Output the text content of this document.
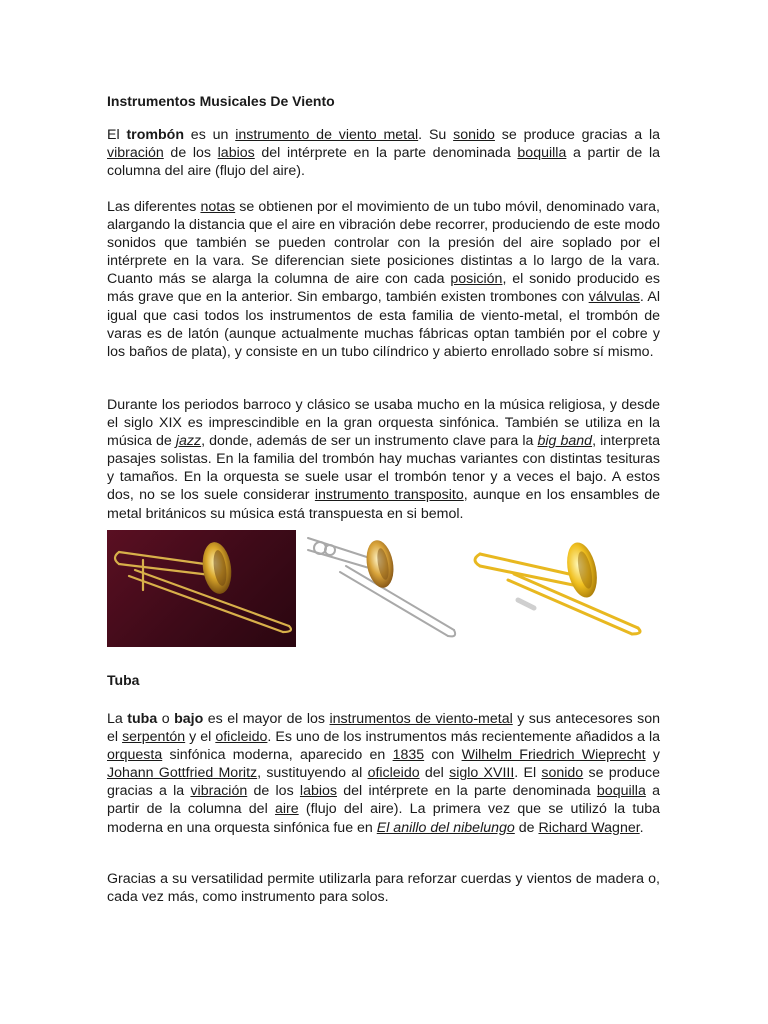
Instrumentos Musicales De Viento

El trombón es un instrumento de viento metal. Su sonido se produce gracias a la vibración de los labios del intérprete en la parte denominada boquilla a partir de la columna del aire (flujo del aire).

Las diferentes notas se obtienen por el movimiento de un tubo móvil, denominado vara, alargando la distancia que el aire en vibración debe recorrer, produciendo de este modo sonidos que también se pueden controlar con la presión del aire soplado por el intérprete en la vara. Se diferencian siete posiciones distintas a lo largo de la vara. Cuanto más se alarga la columna de aire con cada posición, el sonido producido es más grave que en la anterior. Sin embargo, también existen trombones con válvulas. Al igual que casi todos los instrumentos de esta familia de viento-metal, el trombón de varas es de latón (aunque actualmente muchas fábricas optan también por el cobre y los baños de plata), y consiste en un tubo cilíndrico y abierto enrollado sobre sí mismo.

Durante los periodos barroco y clásico se usaba mucho en la música religiosa, y desde el siglo XIX es imprescindible en la gran orquesta sinfónica. También se utiliza en la música de jazz, donde, además de ser un instrumento clave para la big band, interpreta pasajes solistas. En la familia del trombón hay muchas variantes con distintas tesituras y tamaños. En la orquesta se suele usar el trombón tenor y a veces el bajo. A estos dos, no se los suele considerar instrumento transposito, aunque en los ensambles de metal británicos su música está transpuesta en si bemol.

Tuba

La tuba o bajo es el mayor de los instrumentos de viento-metal y sus antecesores son el serpentón y el oficleido. Es uno de los instrumentos más recientemente añadidos a la orquesta sinfónica moderna, aparecido en 1835 con Wilhelm Friedrich Wieprecht y Johann Gottfried Moritz, sustituyendo al oficleido del siglo XVIII. El sonido se produce gracias a la vibración de los labios del intérprete en la parte denominada boquilla a partir de la columna del aire (flujo del aire). La primera vez que se utilizó la tuba moderna en una orquesta sinfónica fue en El anillo del nibelungo de Richard Wagner.

Gracias a su versatilidad permite utilizarla para reforzar cuerdas y vientos de madera o, cada vez más, como instrumento para solos.
